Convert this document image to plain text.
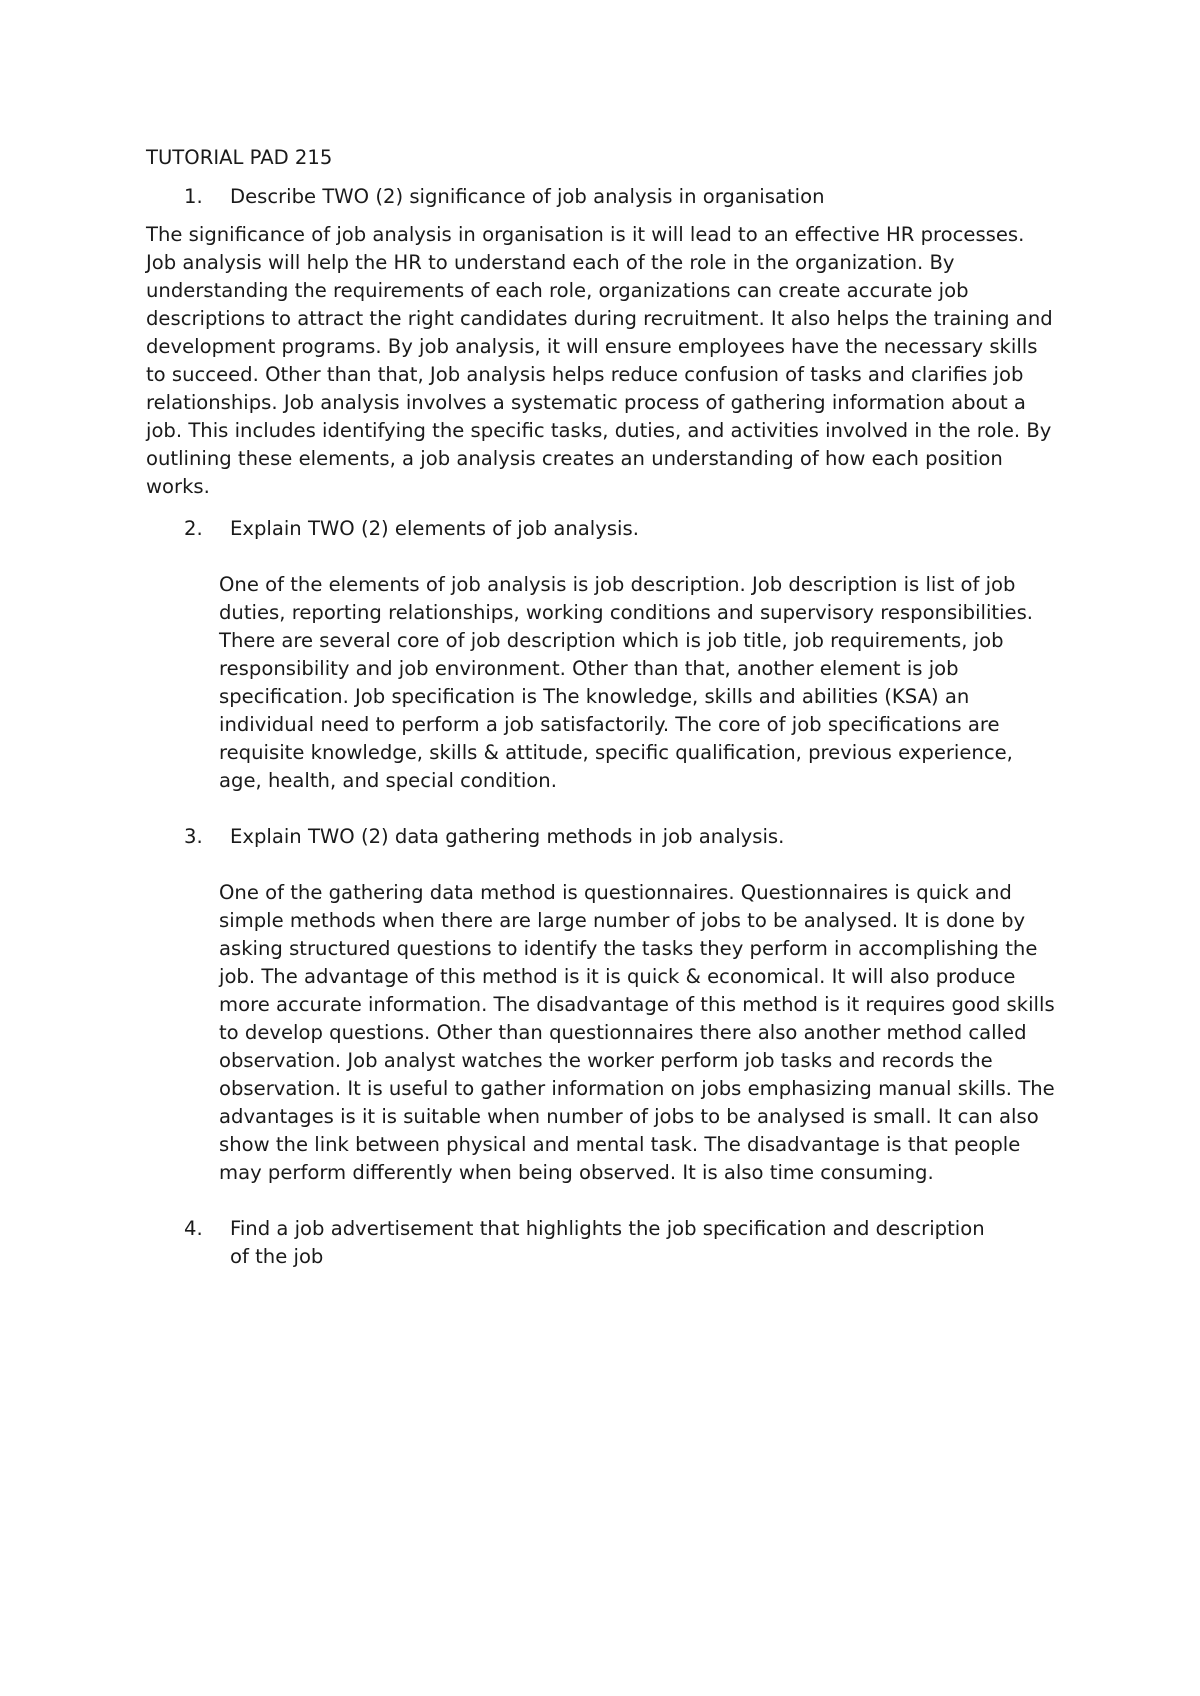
TUTORIAL PAD 215
1.	Describe TWO (2) significance of job analysis in organisation

The significance of job analysis in organisation is it will lead to an effective HR processes. Job analysis will help the HR to understand each of the role in the organization. By understanding the requirements of each role, organizations can create accurate job descriptions to attract the right candidates during recruitment. It also helps the training and development programs. By job analysis, it will ensure employees have the necessary skills to succeed. Other than that, Job analysis helps reduce confusion of tasks and clarifies job relationships. Job analysis involves a systematic process of gathering information about a job. This includes identifying the specific tasks, duties, and activities involved in the role. By outlining these elements, a job analysis creates an understanding of how each position works.

2.	Explain TWO (2) elements of job analysis.

One of the elements of job analysis is job description. Job description is list of job duties, reporting relationships, working conditions and supervisory responsibilities. There are several core of job description which is job title, job requirements, job responsibility and job environment. Other than that, another element is job specification. Job specification is The knowledge, skills and abilities (KSA) an individual need to perform a job satisfactorily. The core of job specifications are requisite knowledge, skills & attitude, specific qualification, previous experience, age, health, and special condition.

3.	Explain TWO (2) data gathering methods in job analysis.

One of the gathering data method is questionnaires. Questionnaires is quick and simple methods when there are large number of jobs to be analysed. It is done by asking structured questions to identify the tasks they perform in accomplishing the job. The advantage of this method is it is quick & economical. It will also produce more accurate information. The disadvantage of this method is it requires good skills to develop questions. Other than questionnaires there also another method called observation. Job analyst watches the worker perform job tasks and records the observation. It is useful to gather information on jobs emphasizing manual skills. The advantages is it is suitable when number of jobs to be analysed is small. It can also show the link between physical and mental task. The disadvantage is that people may perform differently when being observed. It is also time consuming.

4.	Find a job advertisement that highlights the job specification and description of the job
